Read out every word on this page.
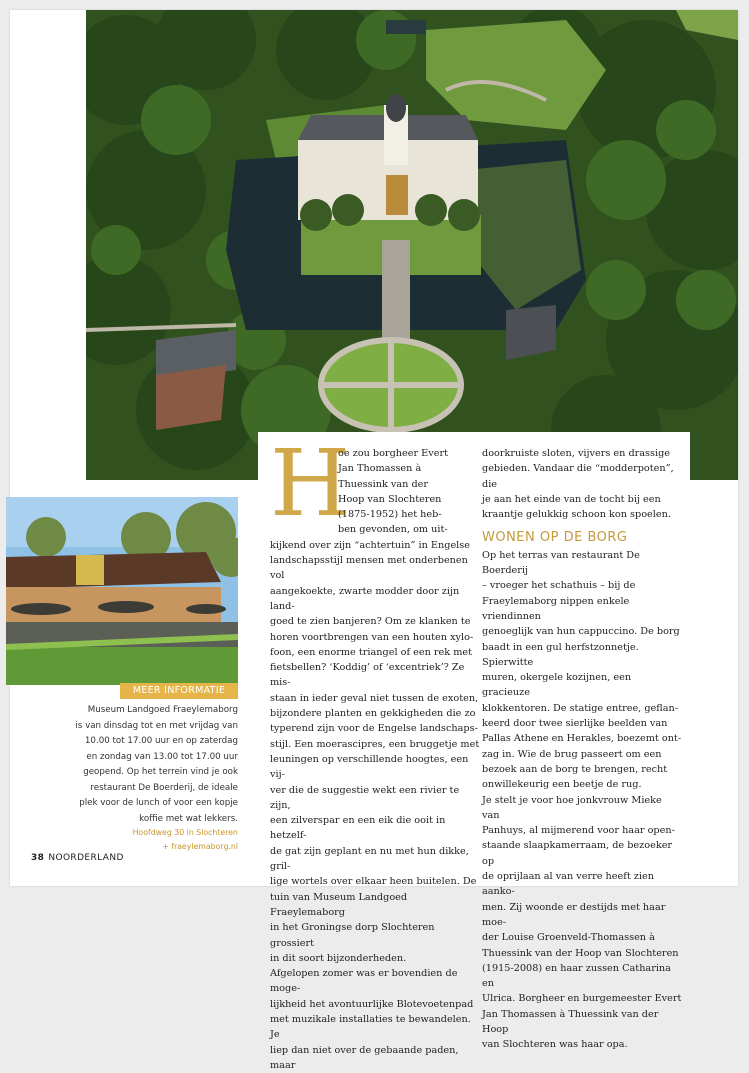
H
oe zou borgheer Evert
Jan Thomassen à
Thuessink van der
Hoop van Slochteren
(1875-1952) het heb-
ben gevonden, om uit-
kijkend over zijn “achtertuin” in Engelse
landschapsstijl mensen met onderbenen vol
aangekoekte, zwarte modder door zijn land-
goed te zien banjeren? Om ze klanken te
horen voortbrengen van een houten xylo-
foon, een enorme triangel of een rek met
fietsbellen? ‘Koddig’ of ‘excentriek’? Ze mis-
staan in ieder geval niet tussen de exoten,
bijzondere planten en gekkigheden die zo
typerend zijn voor de Engelse landschaps-
stijl. Een moerascipres, een bruggetje met
leuningen op verschillende hoogtes, een vij-
ver die de suggestie wekt een rivier te zijn,
een zilverspar en een eik die ooit in hetzelf-
de gat zijn geplant en nu met hun dikke, gril-
lige wortels over elkaar heen buitelen. De
tuin van Museum Landgoed Fraeylemaborg
in het Groningse dorp Slochteren grossiert
in dit soort bijzonderheden.
Afgelopen zomer was er bovendien de moge-
lijkheid het avontuurlijke Blotevoetenpad
met muzikale installaties te bewandelen. Je
liep dan niet over de gebaande paden, maar
doorkruiste sloten, vijvers en drassige
gebieden. Vandaar die “modderpoten”, die
je aan het einde van de tocht bij een
kraantje gelukkig schoon kon spoelen.
WONEN OP DE BORG
Op het terras van restaurant De Boerderij
– vroeger het schathuis – bij de
Fraeylemaborg nippen enkele vriendinnen
genoeglijk van hun cappuccino. De borg
baadt in een gul herfstzonnetje. Spierwitte
muren, okergele kozijnen, een gracieuze
klokkentoren. De statige entree, geflan-
keerd door twee sierlijke beelden van
Pallas Athene en Herakles, boezemt ont-
zag in. Wie de brug passeert om een
bezoek aan de borg te brengen, recht
onwillekeurig een beetje de rug.
Je stelt je voor hoe jonkvrouw Mieke van
Panhuys, al mijmerend voor haar open-
staande slaapkamerraam, de bezoeker op
de oprijlaan al van verre heeft zien aanko-
men. Zij woonde er destijds met haar moe-
der Louise Groenveld-Thomassen à
Thuessink van der Hoop van Slochteren
(1915-2008) en haar zussen Catharina en
Ulrica. Borgheer en burgemeester Evert
Jan Thomassen à Thuessink van der Hoop
van Slochteren was haar opa.
MEER INFORMATIE
Museum Landgoed Fraeylemaborg
is van dinsdag tot en met vrijdag van
10.00 tot 17.00 uur en op zaterdag
en zondag van 13.00 tot 17.00 uur
geopend. Op het terrein vind je ook
restaurant De Boerderij, de ideale
plek voor de lunch of voor een kopje
koffie met wat lekkers.
Hoofdweg 30 in Slochteren
+ fraeylemaborg.nl
38 NOORDERLAND
